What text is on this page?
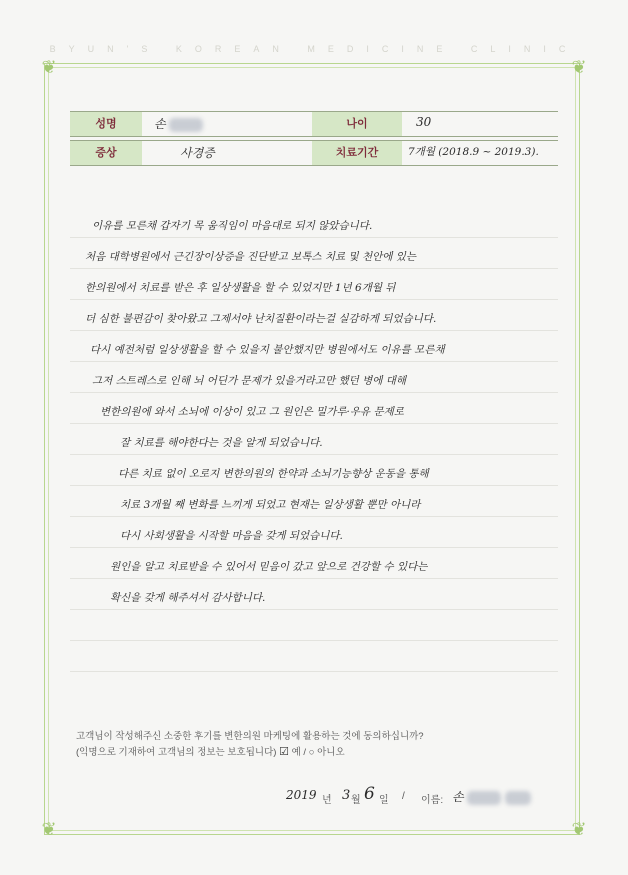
BYUN'S KOREAN MEDICINE CLINIC
❦	❦
❦	❦
성명	손	나이	30
증상	사경증	치료기간	7개월 (2018.9 ~ 2019.3).
이유를 모른채 갑자기 목 움직임이 마음대로 되지 않았습니다.
처음 대학병원에서 근긴장이상증을 진단받고 보톡스 치료 및 천안에 있는
한의원에서 치료를 받은 후 일상생활을 할 수 있었지만 1년 6개월 뒤
더 심한 불편감이 찾아왔고 그제서야 난치질환이라는걸 실감하게 되었습니다.
다시 예전처럼 일상생활을 할 수 있을지 불안했지만 병원에서도 이유를 모른채
그저 스트레스로 인해 뇌 어딘가 문제가 있을거라고만 했던 병에 대해
변한의원에 와서 소뇌에 이상이 있고 그 원인은 밀가루·우유 문제로
잘 치료를 해야한다는 것을 알게 되었습니다.
다른 치료 없이 오로지 변한의원의 한약과 소뇌기능향상 운동을 통해
치료 3개월 째 변화를 느끼게 되었고 현재는 일상생활 뿐만 아니라
다시 사회생활을 시작할 마음을 갖게 되었습니다.
원인을 알고 치료받을 수 있어서 믿음이 갔고 앞으로 건강할 수 있다는
확신을 갖게 해주셔서 감사합니다.
고객님이 작성해주신 소중한 후기를 변한의원 마케팅에 활용하는 것에 동의하십니까?
(익명으로 기재하여 고객님의 정보는 보호됩니다) ☑ 예 / ○ 아니오
2019 년 3 월 6 일 / 이름: 손
